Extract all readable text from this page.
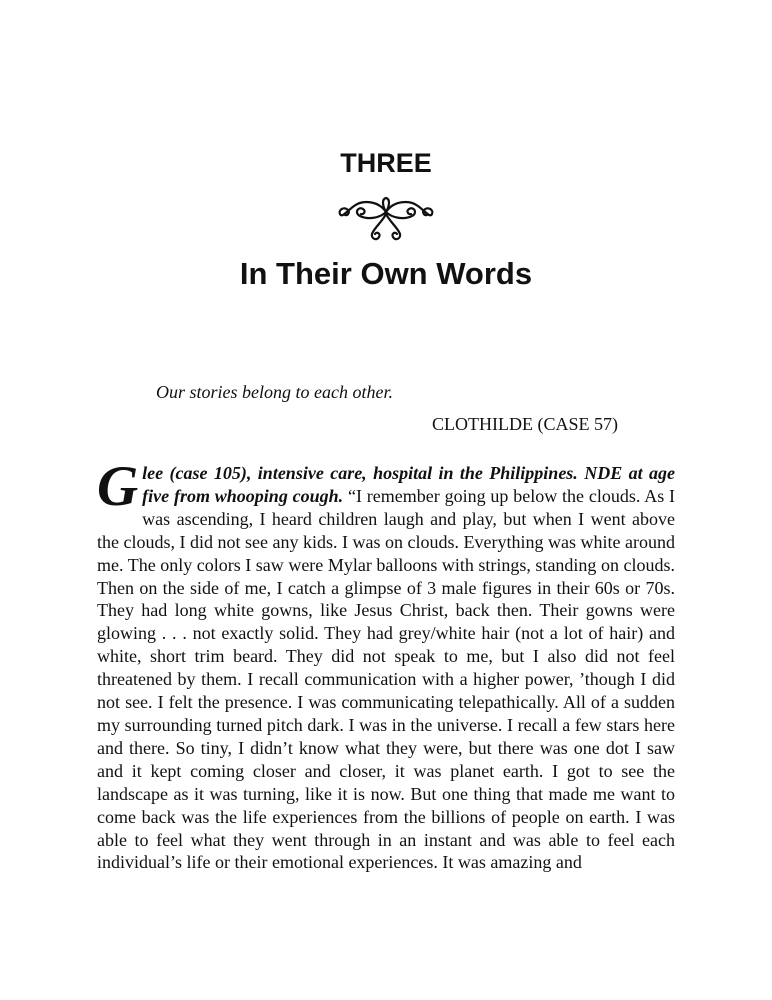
THREE
In Their Own Words
Our stories belong to each other.
CLOTHILDE (CASE 57)

Glee (case 105), intensive care, hospital in the Philippines. NDE at age five from whooping cough. “I remember going up below the clouds. As I was ascending, I heard children laugh and play, but when I went above the clouds, I did not see any kids. I was on clouds. Everything was white around me. The only colors I saw were Mylar balloons with strings, standing on clouds. Then on the side of me, I catch a glimpse of 3 male figures in their 60s or 70s. They had long white gowns, like Jesus Christ, back then. Their gowns were glowing . . . not exactly solid. They had grey/white hair (not a lot of hair) and white, short trim beard. They did not speak to me, but I also did not feel threatened by them. I recall communication with a higher power, ’though I did not see. I felt the presence. I was communicating telepathically. All of a sudden my surrounding turned pitch dark. I was in the universe. I recall a few stars here and there. So tiny, I didn’t know what they were, but there was one dot I saw and it kept coming closer and closer, it was planet earth. I got to see the landscape as it was turning, like it is now. But one thing that made me want to come back was the life experiences from the billions of people on earth. I was able to feel what they went through in an instant and was able to feel each individual’s life or their emotional experiences. It was amazing and
